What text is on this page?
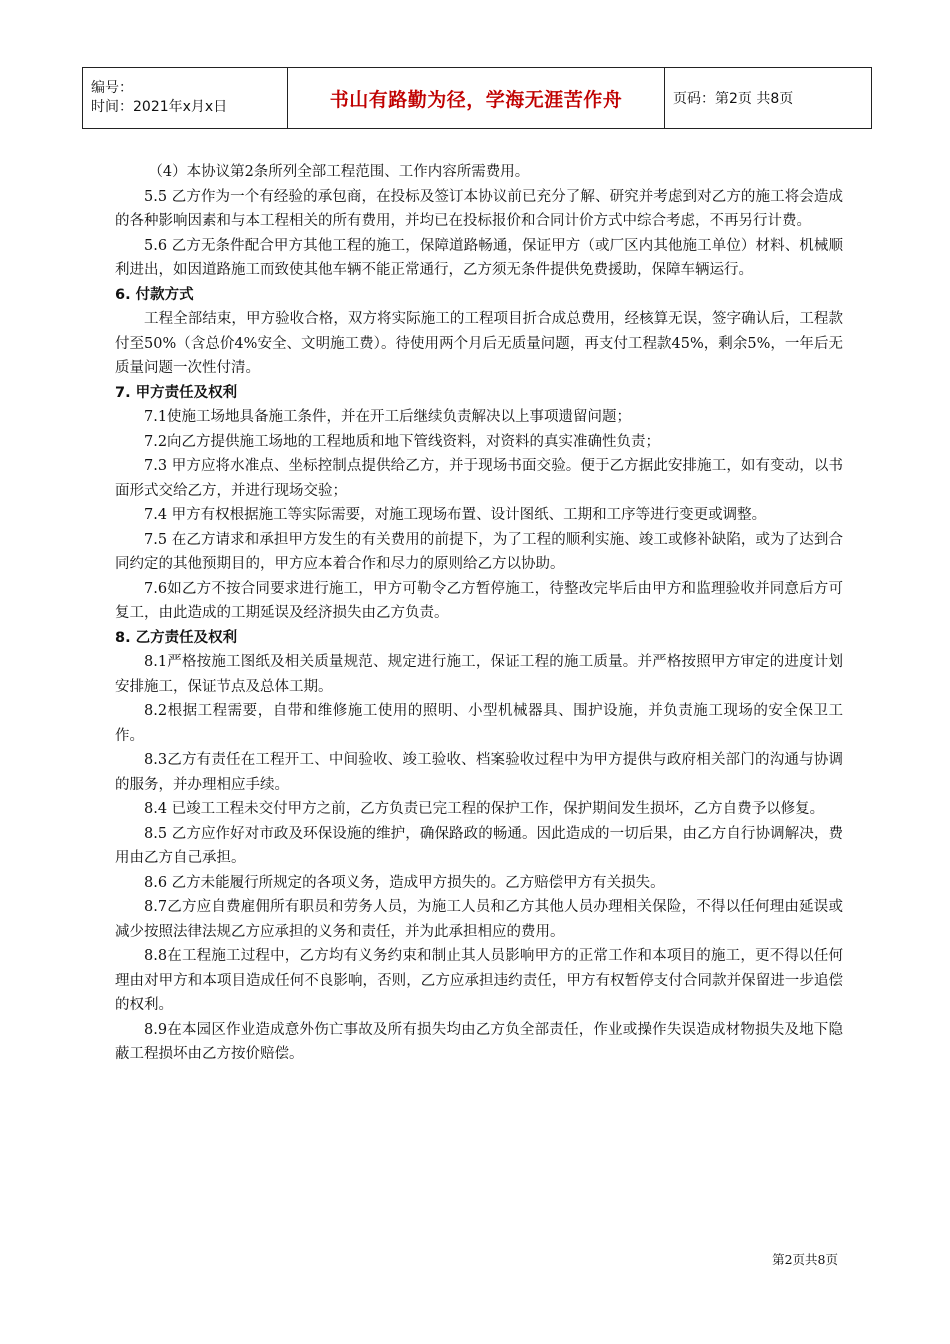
编号：
时间：2021年x月x日	书山有路勤为径，学海无涯苦作舟	页码：第2页 共8页

（4）本协议第2条所列全部工程范围、工作内容所需费用。

5.5 乙方作为一个有经验的承包商，在投标及签订本协议前已充分了解、研究并考虑到对乙方的施工将会造成的各种影响因素和与本工程相关的所有费用，并均已在投标报价和合同计价方式中综合考虑，不再另行计费。

5.6 乙方无条件配合甲方其他工程的施工，保障道路畅通，保证甲方（或厂区内其他施工单位）材料、机械顺利进出，如因道路施工而致使其他车辆不能正常通行，乙方须无条件提供免费援助，保障车辆运行。

6. 付款方式

工程全部结束，甲方验收合格，双方将实际施工的工程项目折合成总费用，经核算无误，签字确认后，工程款付至50%（含总价4%安全、文明施工费）。待使用两个月后无质量问题，再支付工程款45%，剩余5%，一年后无质量问题一次性付清。

7. 甲方责任及权利

7.1使施工场地具备施工条件，并在开工后继续负责解决以上事项遗留问题；

7.2向乙方提供施工场地的工程地质和地下管线资料，对资料的真实准确性负责；

7.3 甲方应将水准点、坐标控制点提供给乙方，并于现场书面交验。便于乙方据此安排施工，如有变动，以书面形式交给乙方，并进行现场交验；

7.4 甲方有权根据施工等实际需要，对施工现场布置、设计图纸、工期和工序等进行变更或调整。

7.5 在乙方请求和承担甲方发生的有关费用的前提下，为了工程的顺利实施、竣工或修补缺陷，或为了达到合同约定的其他预期目的，甲方应本着合作和尽力的原则给乙方以协助。

7.6如乙方不按合同要求进行施工，甲方可勒令乙方暂停施工，待整改完毕后由甲方和监理验收并同意后方可复工，由此造成的工期延误及经济损失由乙方负责。

8. 乙方责任及权利

8.1严格按施工图纸及相关质量规范、规定进行施工，保证工程的施工质量。并严格按照甲方审定的进度计划安排施工，保证节点及总体工期。

8.2根据工程需要，自带和维修施工使用的照明、小型机械器具、围护设施，并负责施工现场的安全保卫工作。

8.3乙方有责任在工程开工、中间验收、竣工验收、档案验收过程中为甲方提供与政府相关部门的沟通与协调的服务，并办理相应手续。

8.4 已竣工工程未交付甲方之前，乙方负责已完工程的保护工作，保护期间发生损坏，乙方自费予以修复。

8.5 乙方应作好对市政及环保设施的维护，确保路政的畅通。因此造成的一切后果，由乙方自行协调解决，费用由乙方自己承担。

8.6 乙方未能履行所规定的各项义务，造成甲方损失的。乙方赔偿甲方有关损失。

8.7乙方应自费雇佣所有职员和劳务人员，为施工人员和乙方其他人员办理相关保险，不得以任何理由延误或减少按照法律法规乙方应承担的义务和责任，并为此承担相应的费用。

8.8在工程施工过程中，乙方均有义务约束和制止其人员影响甲方的正常工作和本项目的施工，更不得以任何理由对甲方和本项目造成任何不良影响，否则，乙方应承担违约责任，甲方有权暂停支付合同款并保留进一步追偿的权利。

8.9在本园区作业造成意外伤亡事故及所有损失均由乙方负全部责任，作业或操作失误造成材物损失及地下隐蔽工程损坏由乙方按价赔偿。

第2页共8页
